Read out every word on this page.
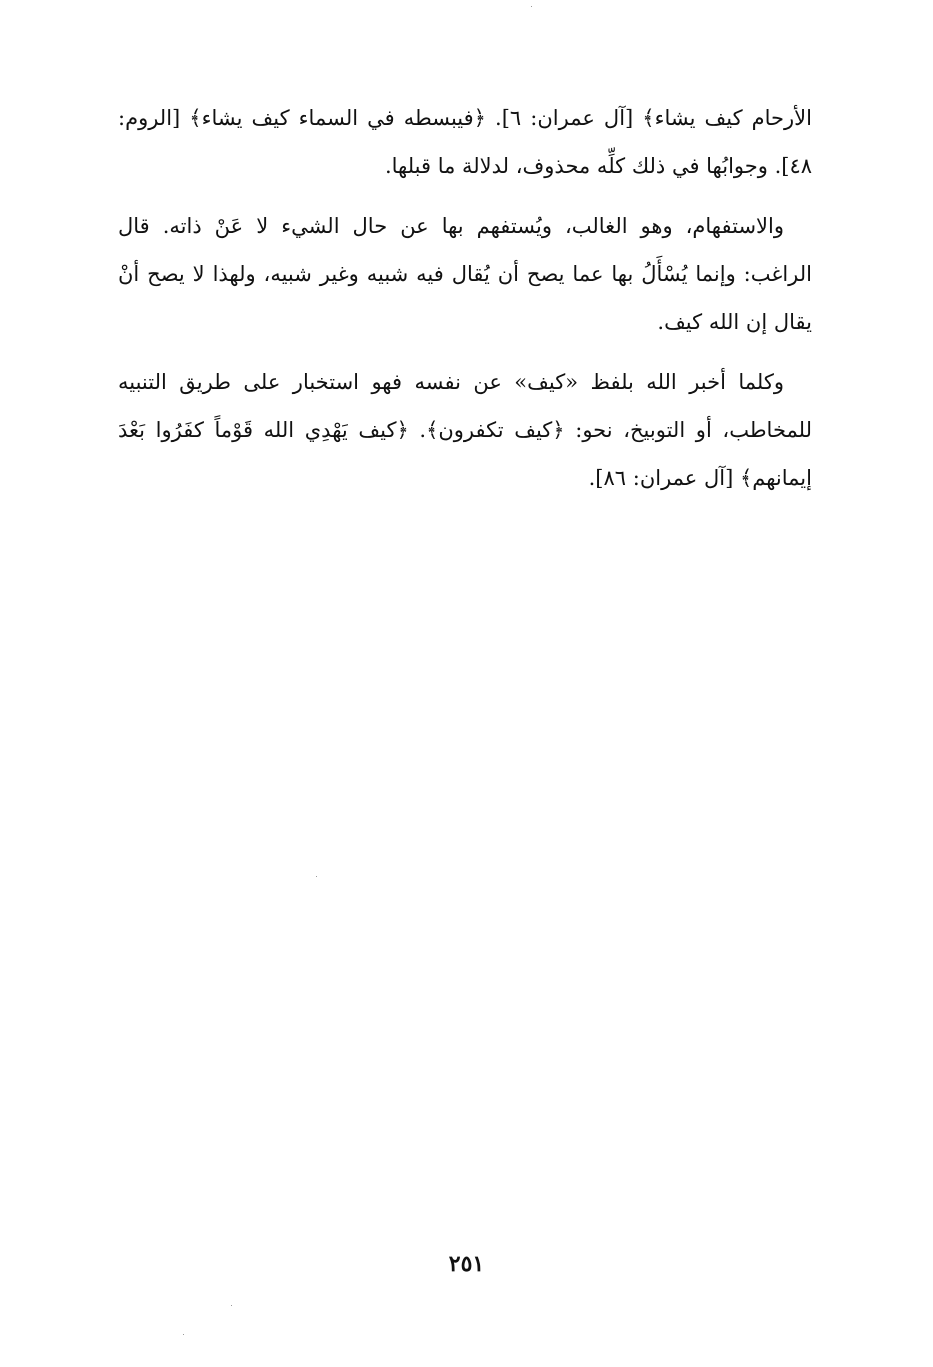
الأرحام كيف يشاء﴾ [آل عمران: ٦]. ﴿فيبسطه في السماء كيف يشاء﴾ [الروم: ٤٨]. وجوابُها في ذلك كلِّه محذوف، لدلالة ما قبلها.

والاستفهام، وهو الغالب، ويُستفهم بها عن حال الشيء لا عَنْ ذاته. قال الراغب: وإنما يُسْأَلُ بها عما يصح أن يُقال فيه شبيه وغير شبيه، ولهذا لا يصح أنْ يقال إن الله كيف.

وكلما أخبر الله بلفظ «كيف» عن نفسه فهو استخبار على طريق التنبيه للمخاطب، أو التوبيخ، نحو: ﴿كيف تكفرون﴾. ﴿كيف يَهْدِي الله قَوْماً كفَرُوا بَعْدَ إيمانهم﴾ [آل عمران: ٨٦].

٢٥١
